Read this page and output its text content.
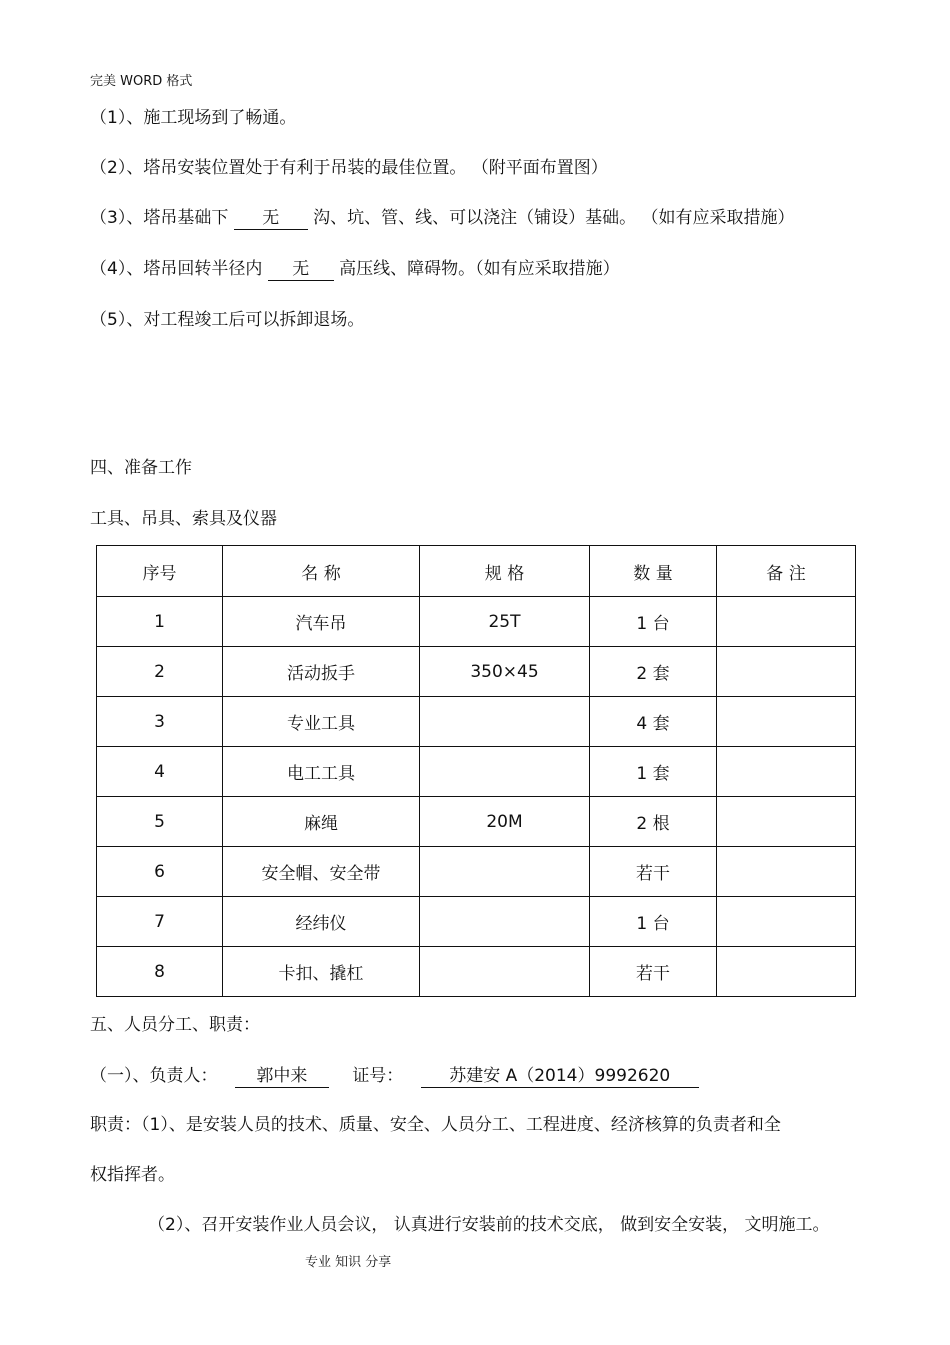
完美 WORD 格式
（1）、施工现场到了畅通。
（2）、塔吊安装位置处于有利于吊装的最佳位置。 （附平面布置图）
（3）、塔吊基础下 无 沟、坑、管、线、可以浇注（铺设）基础。 （如有应采取措施）
（4）、塔吊回转半径内 无 高压线、障碍物。（如有应采取措施）
（5）、对工程竣工后可以拆卸退场。
四、准备工作
工具、吊具、索具及仪器
序号	名 称	规 格	数 量	备 注
1	汽车吊	25T	1 台	
2	活动扳手	350×45	2 套	
3	专业工具		4 套	
4	电工工具		1 套	
5	麻绳	20M	2 根	
6	安全帽、安全带		若干	
7	经纬仪		1 台	
8	卡扣、撬杠		若干	
五、人员分工、职责：
（一）、负责人： 郭中来	证号：	苏建安 A（2014）9992620
职责：（1）、是安装人员的技术、质量、安全、人员分工、工程进度、经济核算的负责者和全
权指挥者。
（2）、召开安装作业人员会议， 认真进行安装前的技术交底， 做到安全安装， 文明施工。
专业 知识 分享
